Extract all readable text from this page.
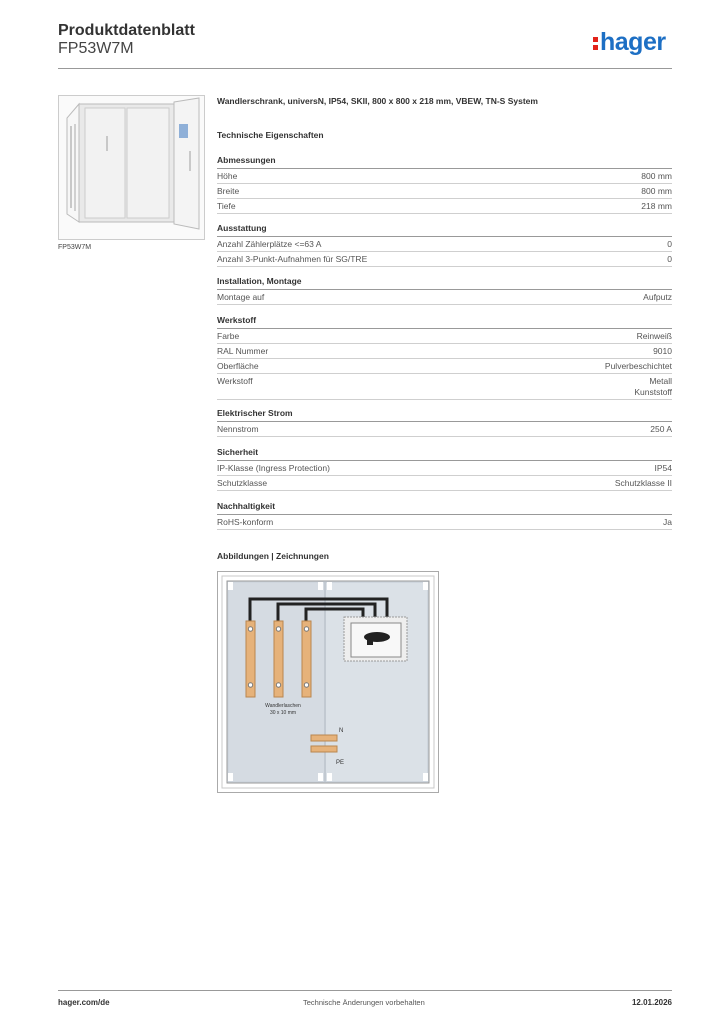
Produktdatenblatt
FP53W7M	hager
FP53W7M
Wandlerschrank, universN, IP54, SKII, 800 x 800 x 218 mm, VBEW, TN-S System
Technische Eigenschaften
Abmessungen
Höhe	800 mm
Breite	800 mm
Tiefe	218 mm
Ausstattung
Anzahl Zählerplätze <=63 A	0
Anzahl 3-Punkt-Aufnahmen für SG/TRE	0
Installation, Montage
Montage auf	Aufputz
Werkstoff
Farbe	Reinweiß
RAL Nummer	9010
Oberfläche	Pulverbeschichtet
Werkstoff	Metall
Kunststoff
Elektrischer Strom
Nennstrom	250 A
Sicherheit
IP-Klasse (Ingress Protection)	IP54
Schutzklasse	Schutzklasse II
Nachhaltigkeit
RoHS-konform	Ja
Abbildungen | Zeichnungen
Wandlerlaschen
30 x 10 mm
N
PE
hager.com/de	Technische Änderungen vorbehalten	12.01.2026
